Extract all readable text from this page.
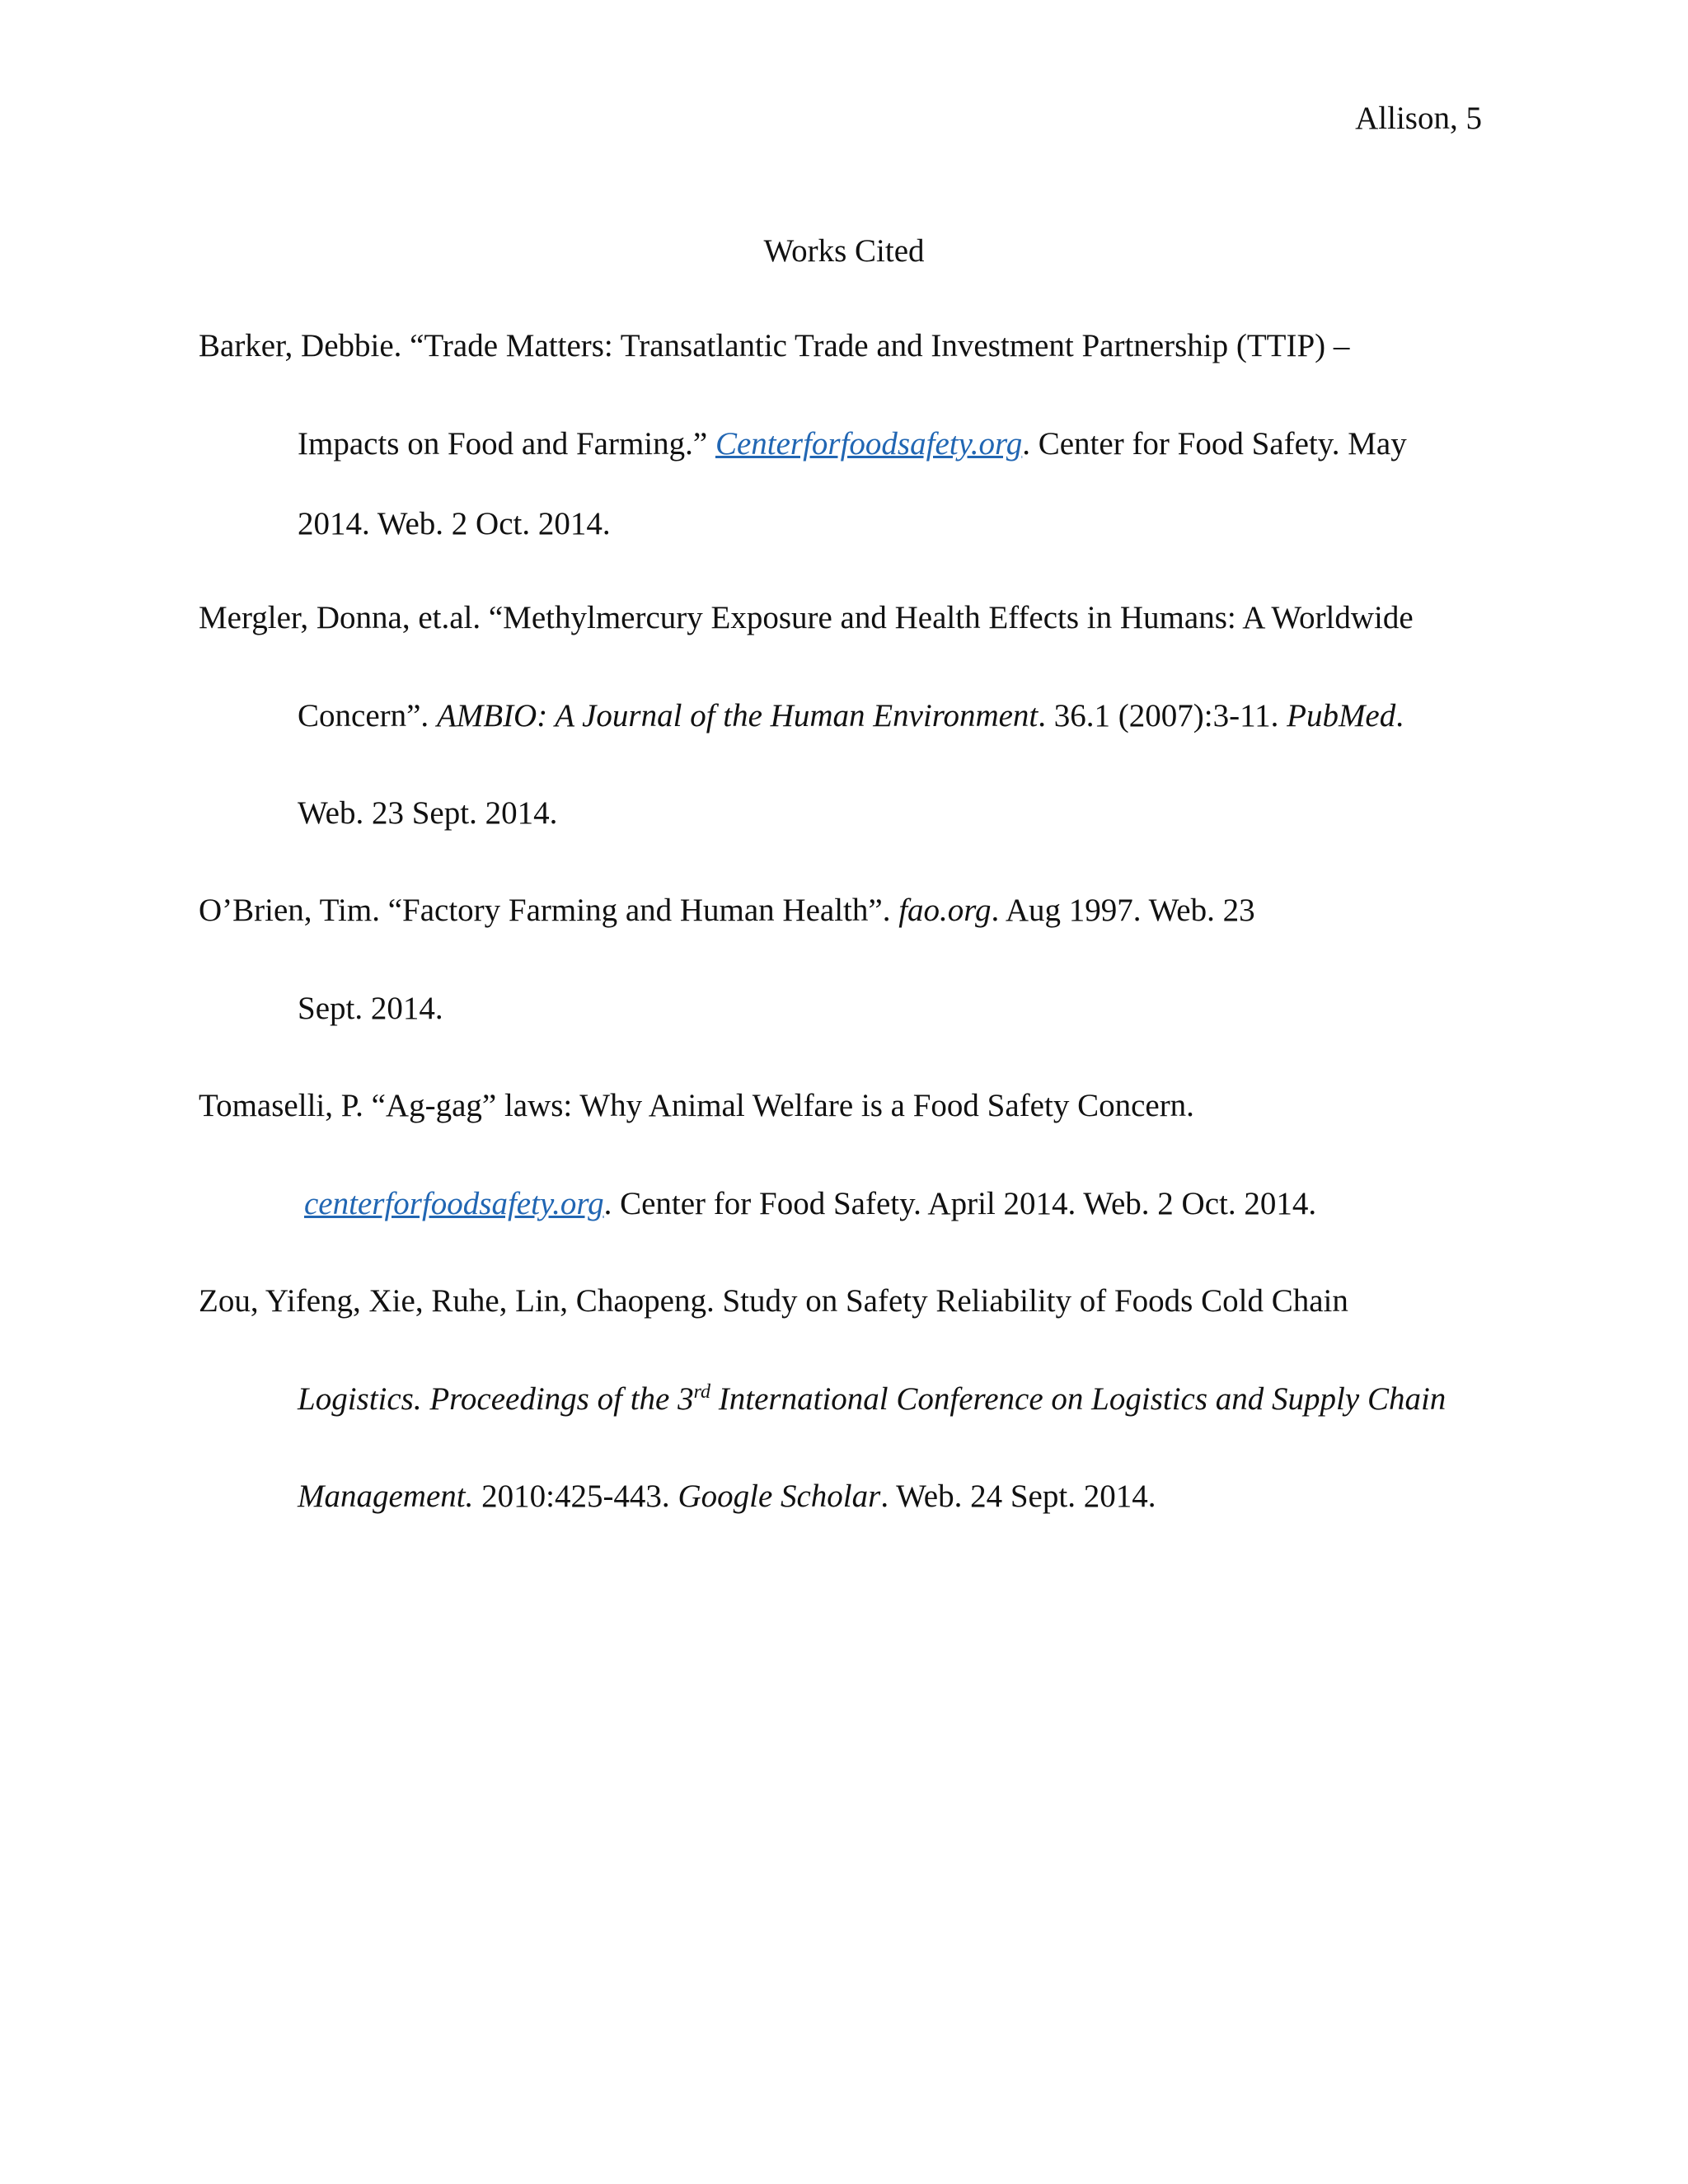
Allison, 5
Works Cited
Barker, Debbie. “Trade Matters: Transatlantic Trade and Investment Partnership (TTIP) –
Impacts on Food and Farming.” Centerforfoodsafety.org. Center for Food Safety. May
2014. Web. 2 Oct. 2014.
Mergler, Donna, et.al. “Methylmercury Exposure and Health Effects in Humans: A Worldwide
Concern”. AMBIO: A Journal of the Human Environment. 36.1 (2007):3-11. PubMed.
Web. 23 Sept. 2014.
O’Brien, Tim. “Factory Farming and Human Health”. fao.org. Aug 1997. Web. 23
Sept. 2014.
Tomaselli, P. “Ag-gag” laws: Why Animal Welfare is a Food Safety Concern.
centerforfoodsafety.org. Center for Food Safety. April 2014. Web. 2 Oct. 2014.
Zou, Yifeng, Xie, Ruhe, Lin, Chaopeng. Study on Safety Reliability of Foods Cold Chain
Logistics. Proceedings of the 3rd International Conference on Logistics and Supply Chain
Management. 2010:425-443. Google Scholar. Web. 24 Sept. 2014.
